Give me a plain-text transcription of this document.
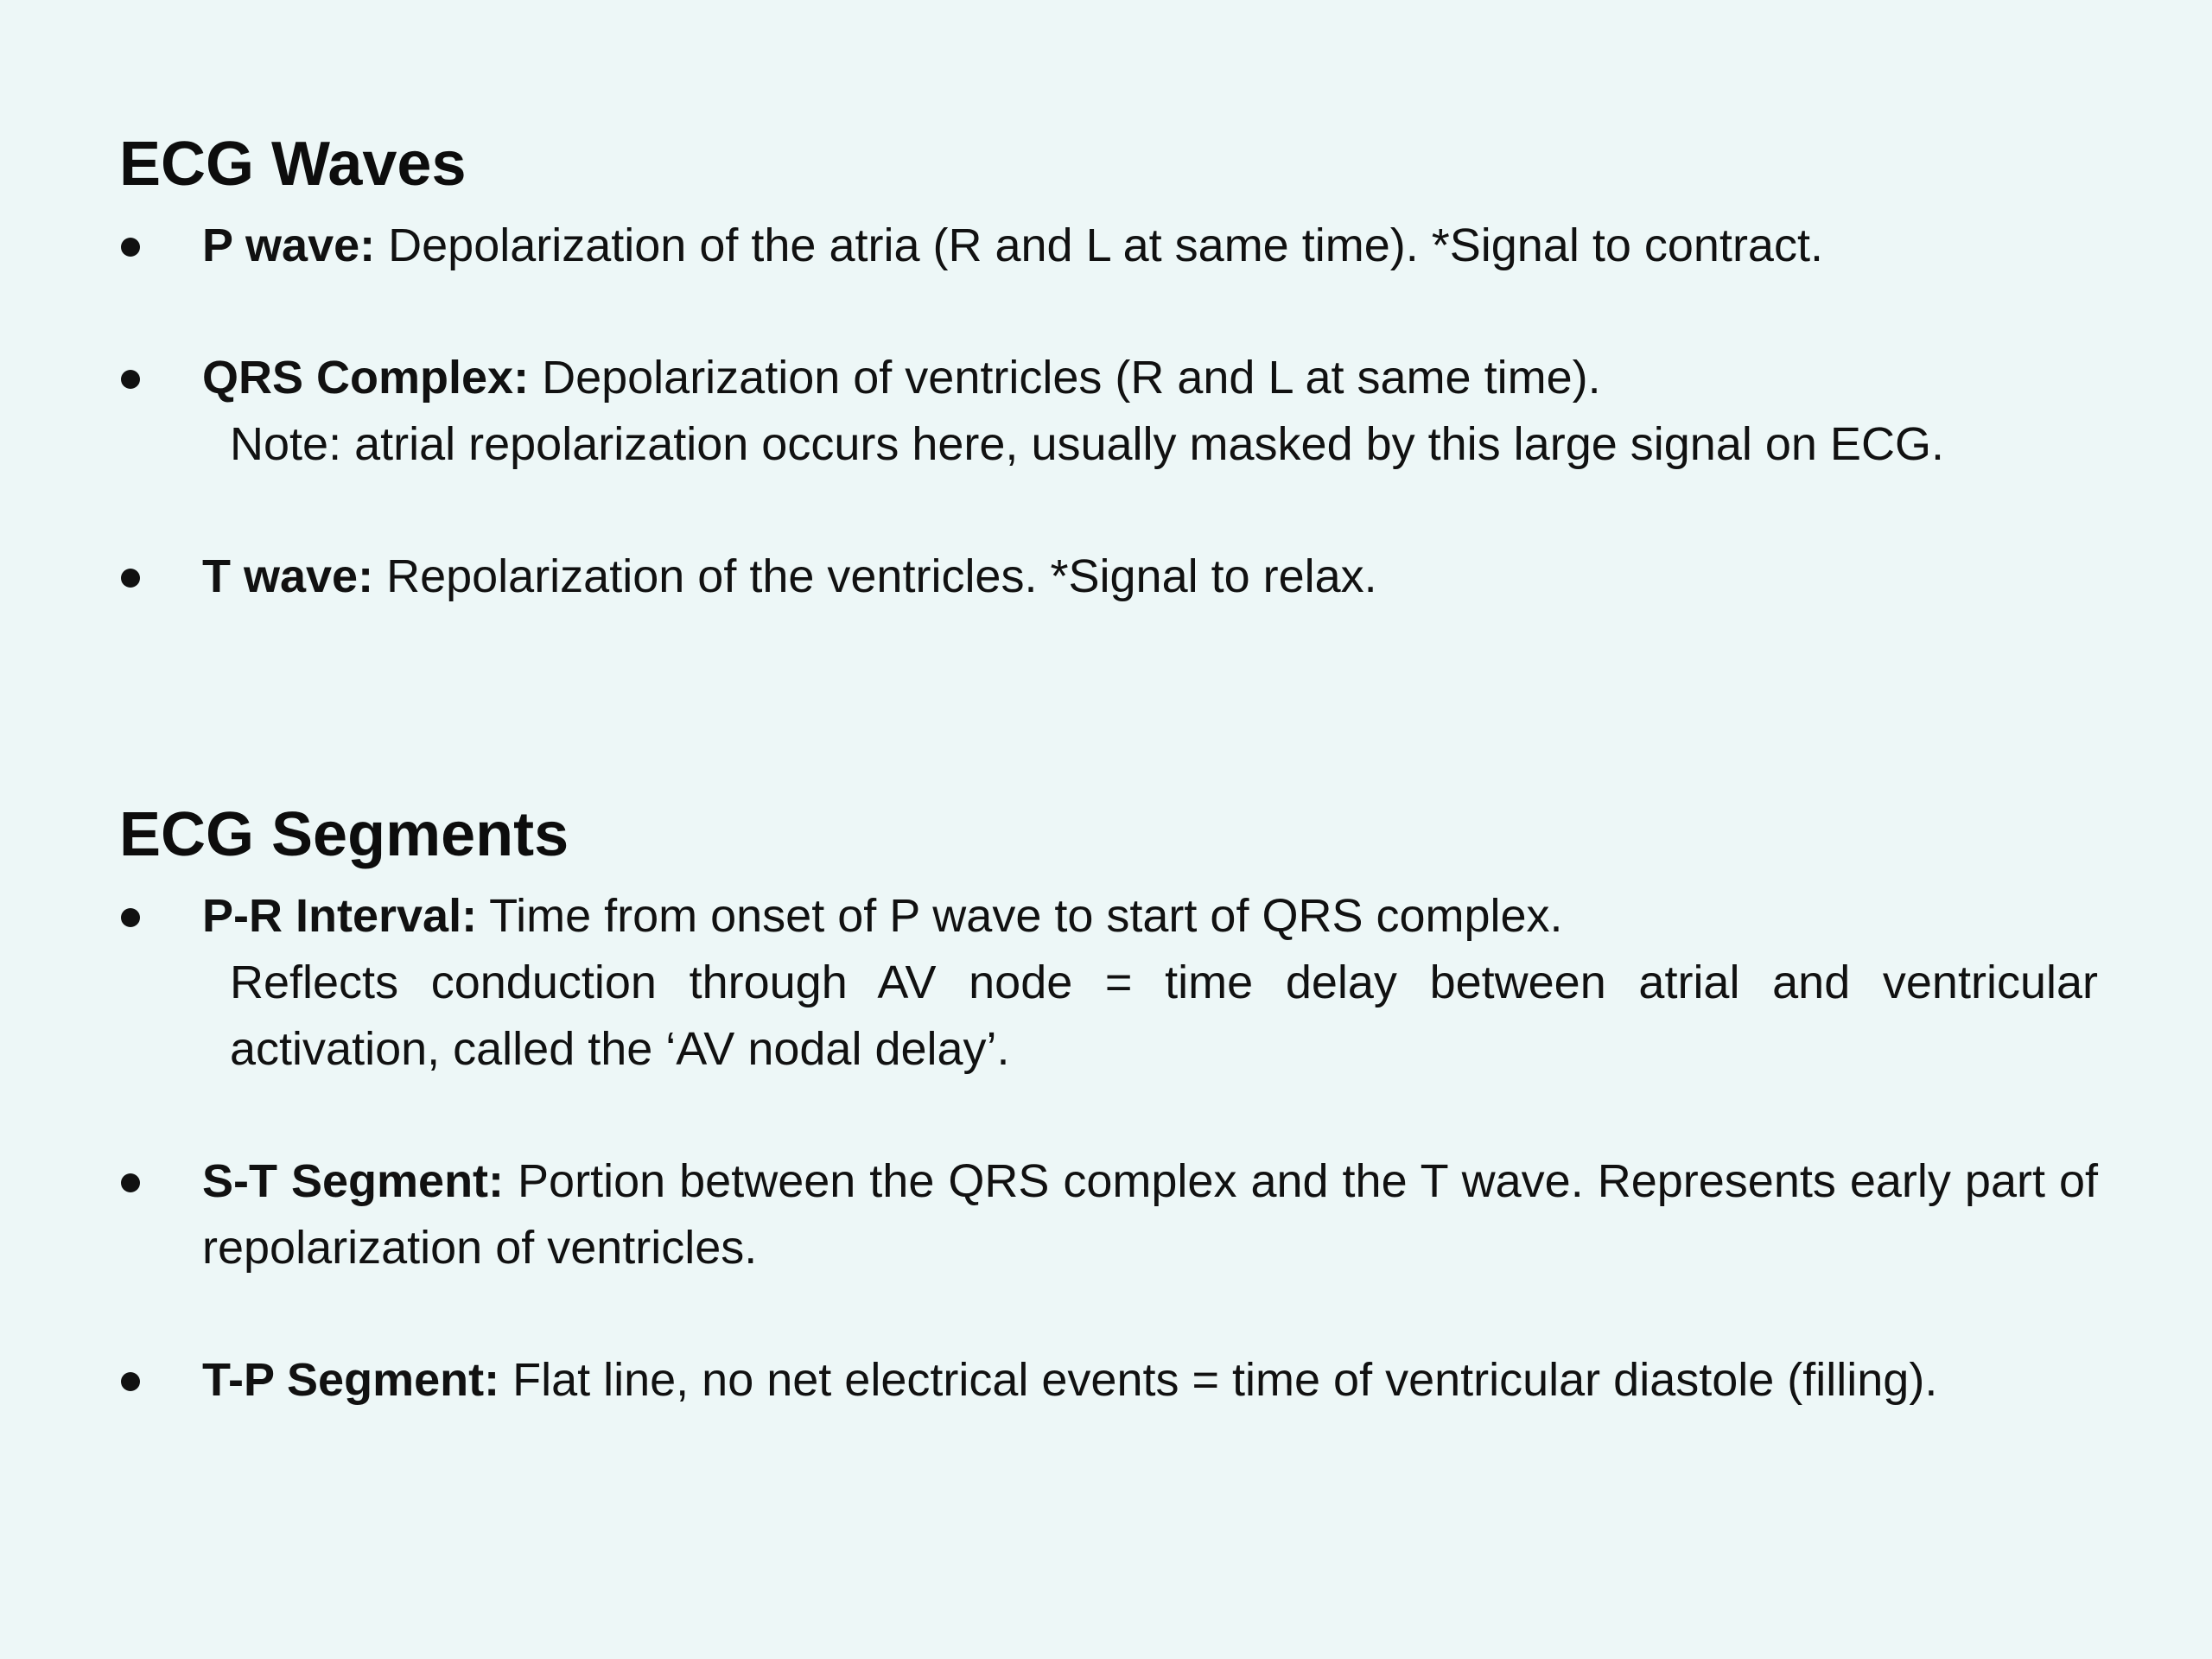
ECG Waves
P wave: Depolarization of the atria (R and L at same time). *Signal to contract.
QRS Complex: Depolarization of ventricles (R and L at same time).
Note: atrial repolarization occurs here, usually masked by this large signal on ECG.
T wave: Repolarization of the ventricles. *Signal to relax.
ECG Segments
P-R Interval: Time from onset of P wave to start of QRS complex.
Reflects conduction through AV node = time delay between atrial and ventricular activation, called the ‘AV nodal delay’.
S-T Segment: Portion between the QRS complex and the T wave. Represents early part of repolarization of ventricles.
T-P Segment: Flat line, no net electrical events = time of ventricular diastole (filling).
